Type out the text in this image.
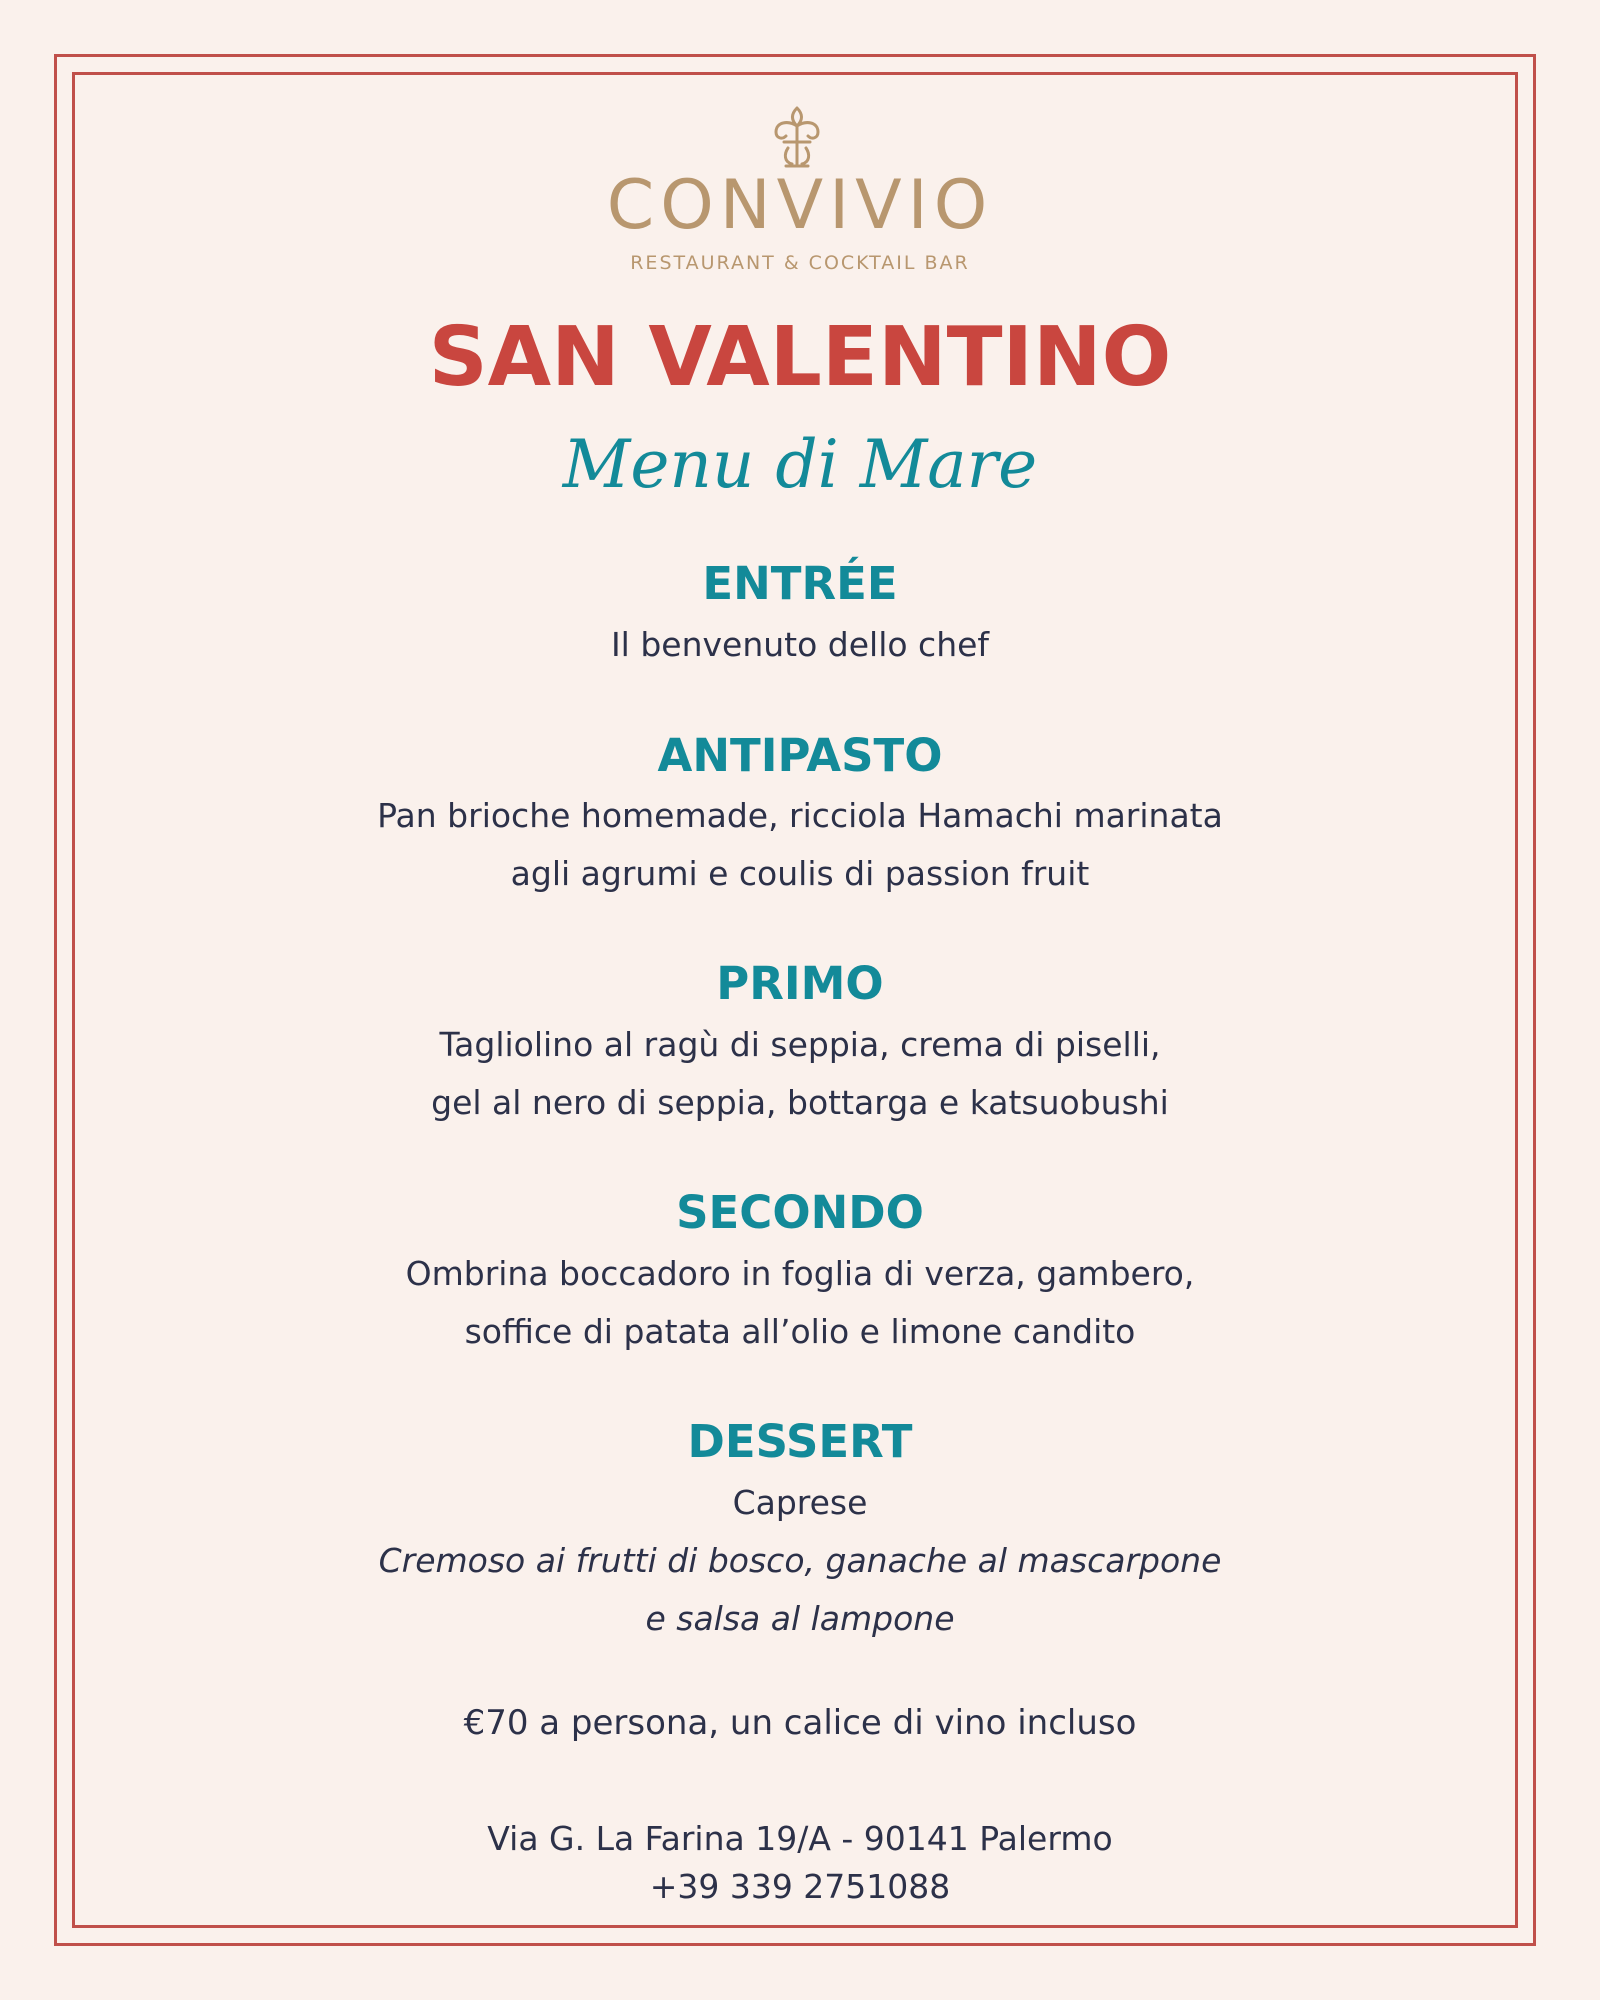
CONVIVIO
RESTAURANT & COCKTAIL BAR
SAN VALENTINO
Menu di Mare
ENTRÉE
Il benvenuto dello chef
ANTIPASTO
Pan brioche homemade, ricciola Hamachi marinata
agli agrumi e coulis di passion fruit
PRIMO
Tagliolino al ragù di seppia, crema di piselli,
gel al nero di seppia, bottarga e katsuobushi
SECONDO
Ombrina boccadoro in foglia di verza, gambero,
soffice di patata all’olio e limone candito
DESSERT
Caprese
Cremoso ai frutti di bosco, ganache al mascarpone
e salsa al lampone
€70 a persona, un calice di vino incluso
Via G. La Farina 19/A - 90141 Palermo
+39 339 2751088
